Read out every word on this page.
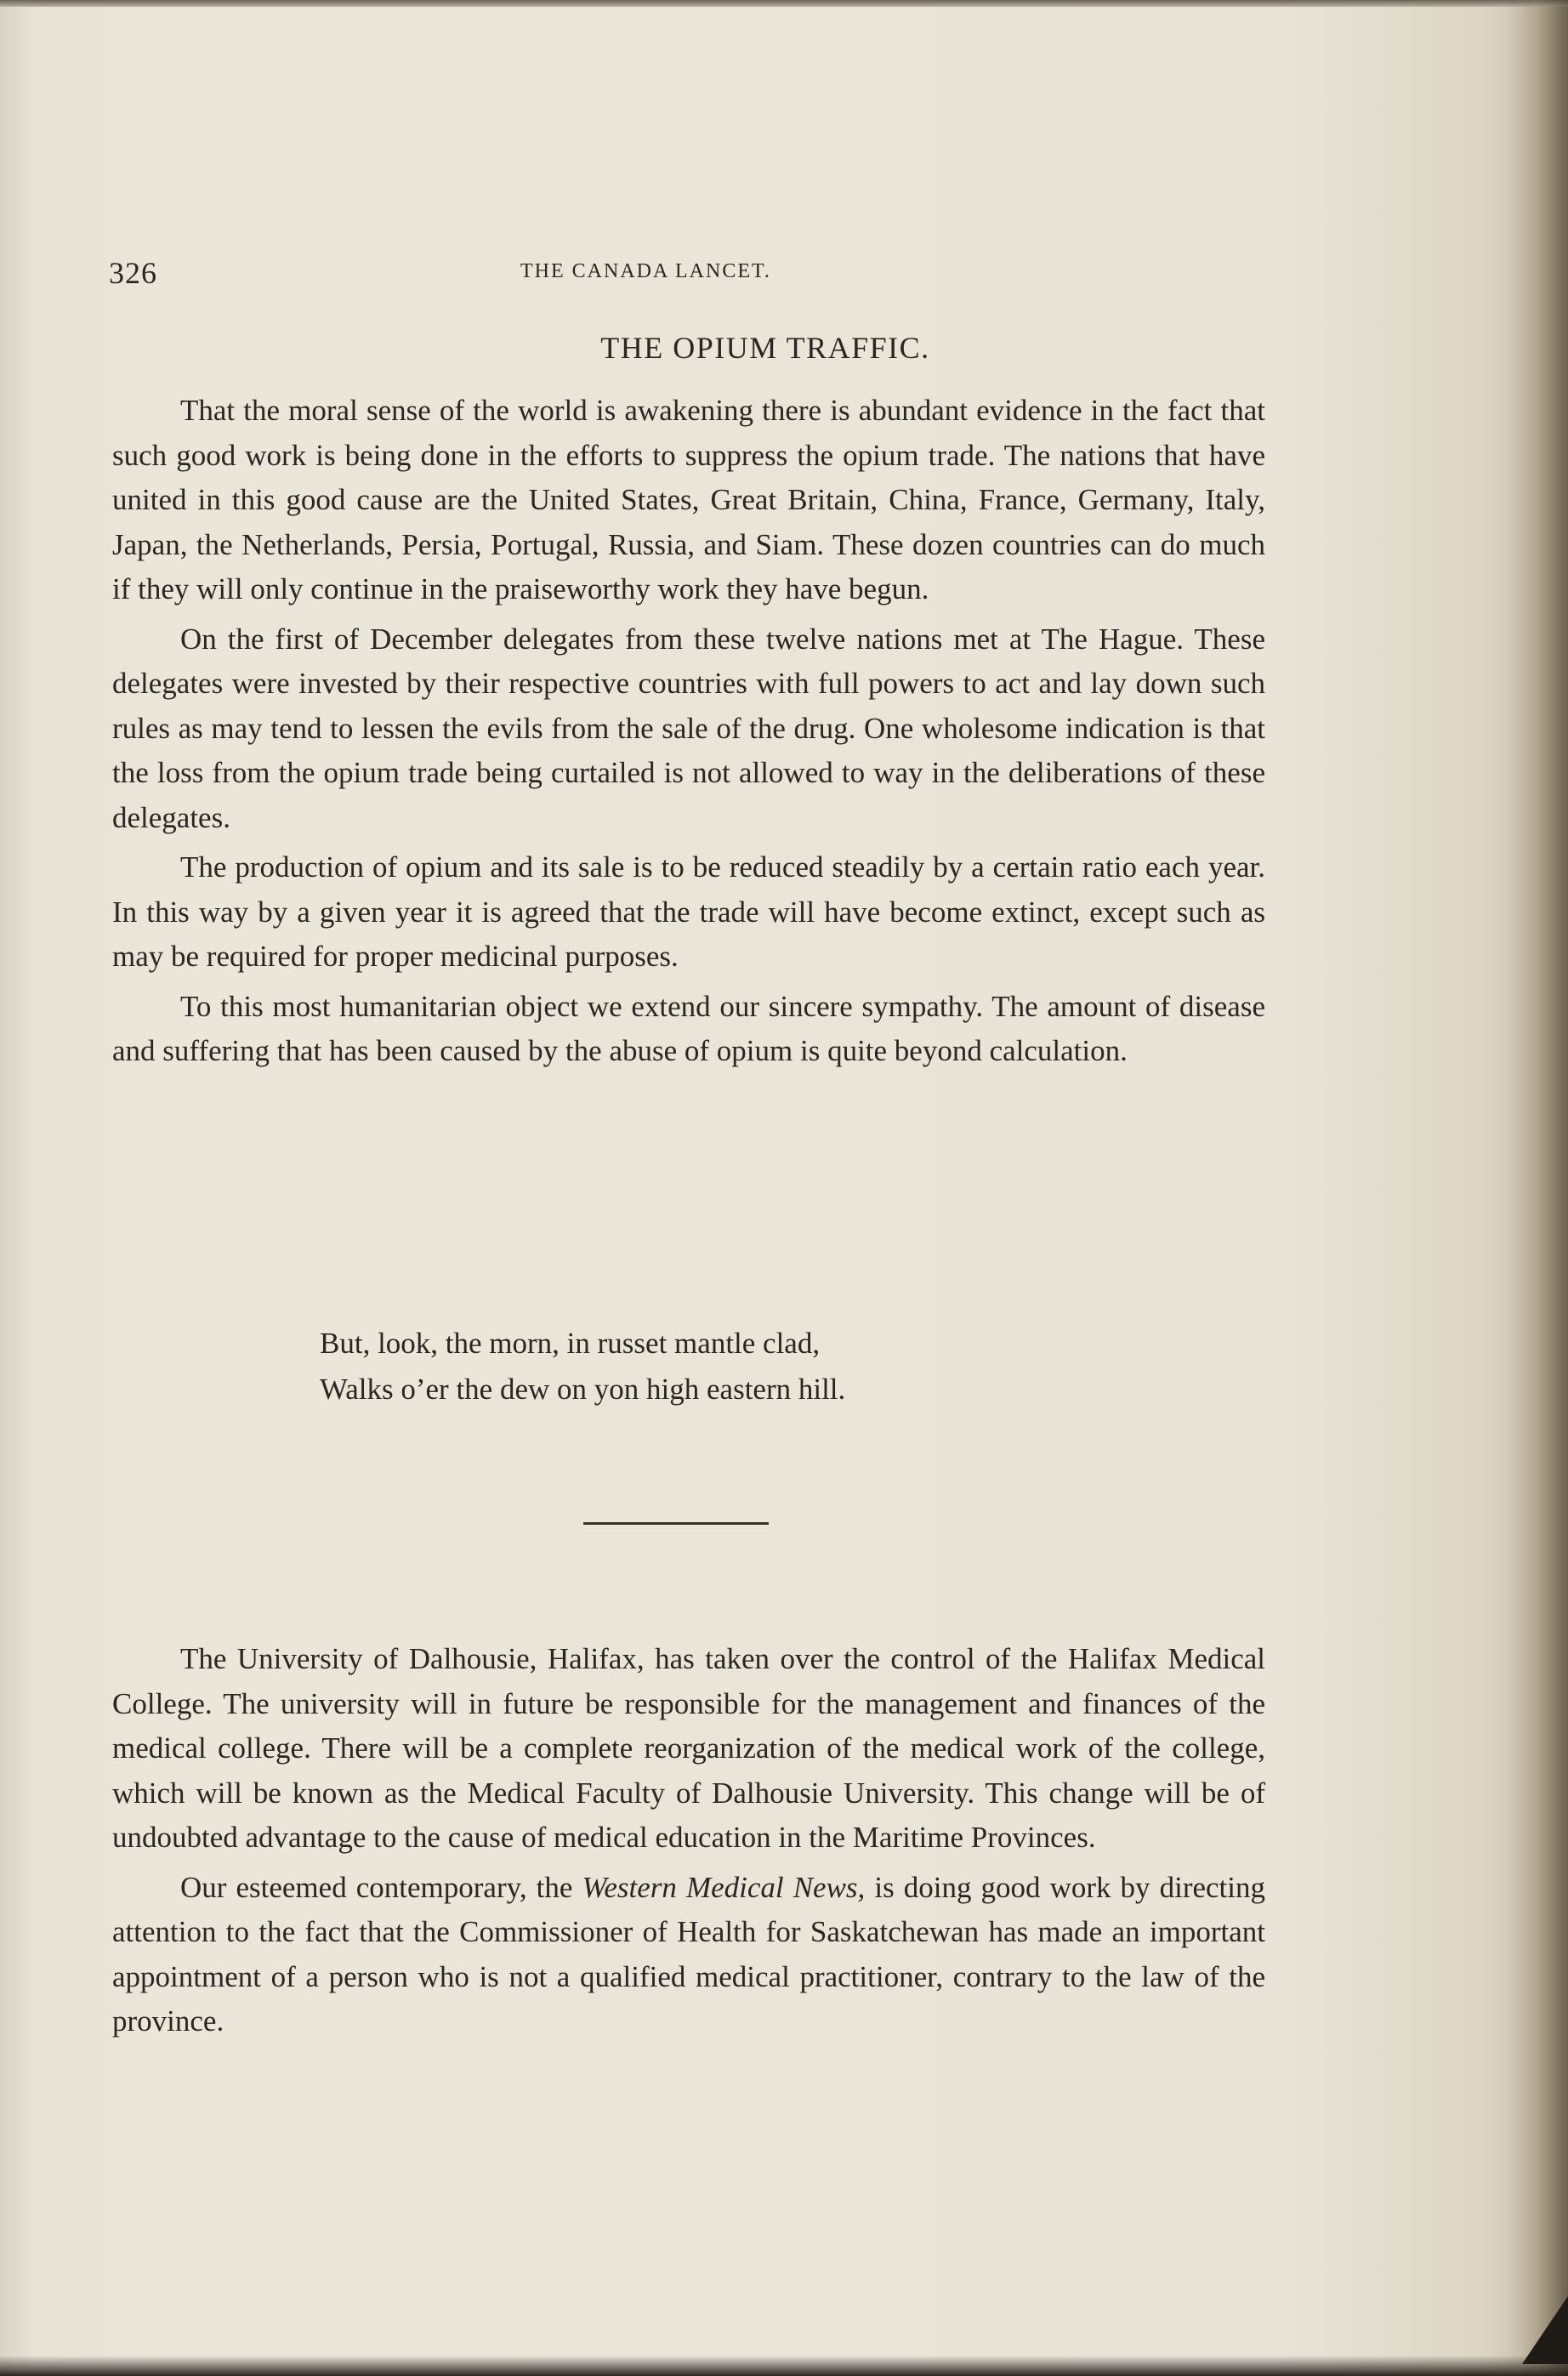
326	THE CANADA LANCET.
THE OPIUM TRAFFIC.

That the moral sense of the world is awakening there is abundant evidence in the fact that such good work is being done in the efforts to suppress the opium trade. The nations that have united in this good cause are the United States, Great Britain, China, France, Germany, Italy, Japan, the Netherlands, Persia, Portugal, Russia, and Siam. These dozen countries can do much if they will only continue in the praiseworthy work they have begun.

On the first of December delegates from these twelve nations met at The Hague. These delegates were invested by their respective countries with full powers to act and lay down such rules as may tend to lessen the evils from the sale of the drug. One wholesome indication is that the loss from the opium trade being curtailed is not allowed to way in the deliberations of these delegates.

The production of opium and its sale is to be reduced steadily by a certain ratio each year. In this way by a given year it is agreed that the trade will have become extinct, except such as may be required for proper medicinal purposes.

To this most humanitarian object we extend our sincere sympathy. The amount of disease and suffering that has been caused by the abuse of opium is quite beyond calculation.

But, look, the morn, in russet mantle clad,
Walks o’er the dew on yon high eastern hill.

The University of Dalhousie, Halifax, has taken over the control of the Halifax Medical College. The university will in future be responsible for the management and finances of the medical college. There will be a complete reorganization of the medical work of the college, which will be known as the Medical Faculty of Dalhousie University. This change will be of undoubted advantage to the cause of medical education in the Maritime Provinces.

Our esteemed contemporary, the Western Medical News, is doing good work by directing attention to the fact that the Commissioner of Health for Saskatchewan has made an important appointment of a person who is not a qualified medical practitioner, contrary to the law of the province.
